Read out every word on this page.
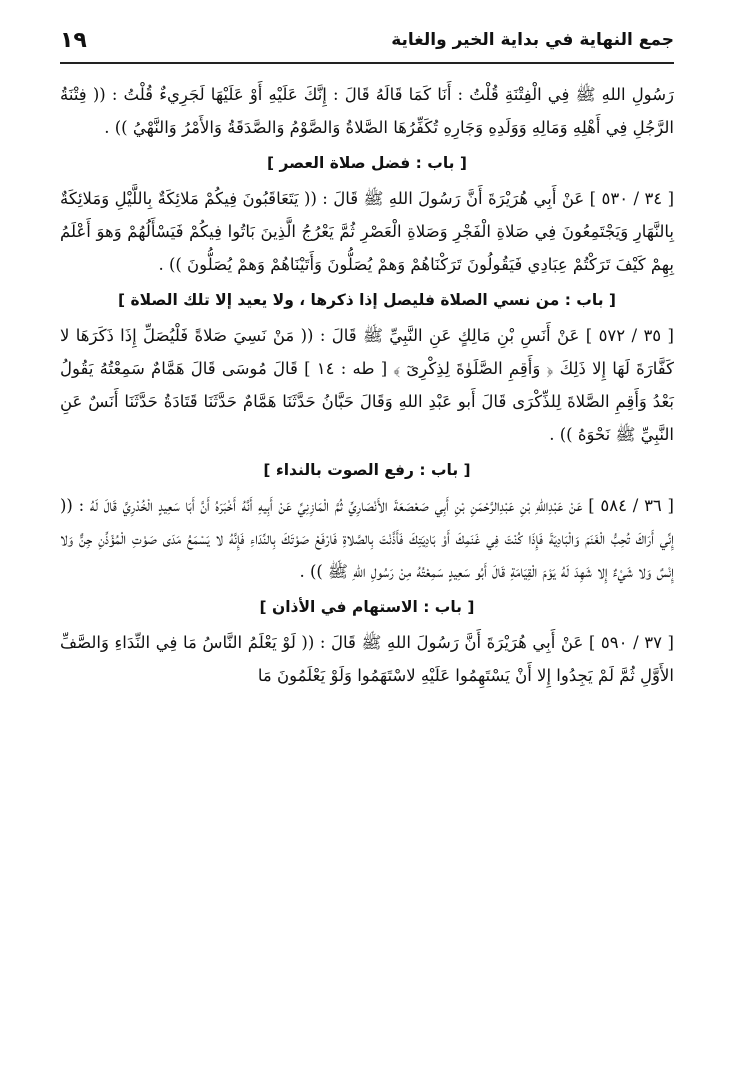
جمع النهاية في بداية الخير والغاية
١٩

رَسُولِ اللهِ ﷺ فِي الْفِتْنَةِ قُلْتُ : أَنَا كَمَا قَالَهُ قَالَ : إِنَّكَ عَلَيْهِ أَوْ عَلَيْهَا لَجَرِيءٌ قُلْتُ : (( فِتْنَةُ الرَّجُلِ فِي أَهْلِهِ وَمَالِهِ وَوَلَدِهِ وَجَارِهِ تُكَفِّرُهَا الصَّلاةُ وَالصَّوْمُ وَالصَّدَقَةُ وَالأَمْرُ وَالنَّهْيُ )) .

[ باب : فضل صلاة العصر ]

[ ٣٤ / ٥٣٠ ] عَنْ أَبِي هُرَيْرَةَ أَنَّ رَسُولَ اللهِ ﷺ قَالَ : (( يَتَعَاقَبُونَ فِيكُمْ مَلائِكَةٌ بِاللَّيْلِ وَمَلائِكَةٌ بِالنَّهَارِ وَيَجْتَمِعُونَ فِي صَلاةِ الْفَجْرِ وَصَلاةِ الْعَصْرِ ثُمَّ يَعْرُجُ الَّذِينَ بَاتُوا فِيكُمْ فَيَسْأَلُهُمْ وَهوَ أَعْلَمُ بِهِمْ كَيْفَ تَرَكْتُمْ عِبَادِي فَيَقُولُونَ تَرَكْنَاهُمْ وَهمْ يُصَلُّونَ وَأَتَيْنَاهُمْ وَهمْ يُصَلُّونَ )) .

[ باب : من نسي الصلاة فليصل إذا ذكرها ، ولا يعيد إلا تلك الصلاة ]

[ ٣٥ / ٥٧٢ ] عَنْ أَنَسِ بْنِ مَالِكٍ عَنِ النَّبِيِّ ﷺ قَالَ : (( مَنْ نَسِيَ صَلاةً فَلْيُصَلِّ إِذَا ذَكَرَهَا لا كَفَّارَةَ لَهَا إِلا ذَلِكَ ﴿ وَأَقِمِ الصَّلَوٰةَ لِذِكْرِىٓ ﴾ [ طه : ١٤ ] قَالَ مُوسَى قَالَ هَمَّامٌ سَمِعْتُهُ يَقُولُ بَعْدُ وَأَقِمِ الصَّلاةَ لِلذِّكْرَى قَالَ أَبو عَبْدِ اللهِ وَقَالَ حَبَّانُ حَدَّثَنَا هَمَّامٌ حَدَّثَنَا قَتَادَةُ حَدَّثَنَا أَنَسٌ عَنِ النَّبِيِّ ﷺ نَحْوَهُ )) .

[ باب : رفع الصوت بالنداء ]

[ ٣٦ / ٥٨٤ ] عَنْ عَبْدِاللهِ بْنِ عَبْدِالرَّحْمَنِ بْنِ أَبِي صَعْصَعَةَ الأَنْصَارِيِّ ثُمَّ الْمَازِنِيِّ عَنْ أَبِيهِ أَنَّهُ أَخْبَرَهُ أَنَّ أَبَا سَعِيدٍ الْخُدْرِيَّ قَالَ لَهُ : (( إِنِّي أَرَاكَ تُحِبُّ الْغَنَمَ وَالْبَادِيَةَ فَإِذَا كُنْتَ فِي غَنَمِكَ أَوْ بَادِيَتِكَ فَأَذَّنْتَ بِالصَّلاةِ فَارْفَعْ صَوْتَكَ بِالنِّدَاءِ فَإِنَّهُ لا يَسْمَعُ مَدَى صَوْتِ الْمُؤَذِّنِ جِنٌّ وَلا إِنْسٌ وَلا شَيْءٌ إِلا شَهِدَ لَهُ يَوْمَ الْقِيَامَةِ قَالَ أَبُو سَعِيدٍ سَمِعْتُهُ مِنْ رَسُولِ اللهِ ﷺ )) .

[ باب : الاستهام في الأذان ]

[ ٣٧ / ٥٩٠ ] عَنْ أَبِي هُرَيْرَةَ أَنَّ رَسُولَ اللهِ ﷺ قَالَ : (( لَوْ يَعْلَمُ النَّاسُ مَا فِي النِّدَاءِ وَالصَّفِّ الأَوَّلِ ثُمَّ لَمْ يَجِدُوا إِلا أَنْ يَسْتَهِمُوا عَلَيْهِ لاسْتَهَمُوا وَلَوْ يَعْلَمُونَ مَا
